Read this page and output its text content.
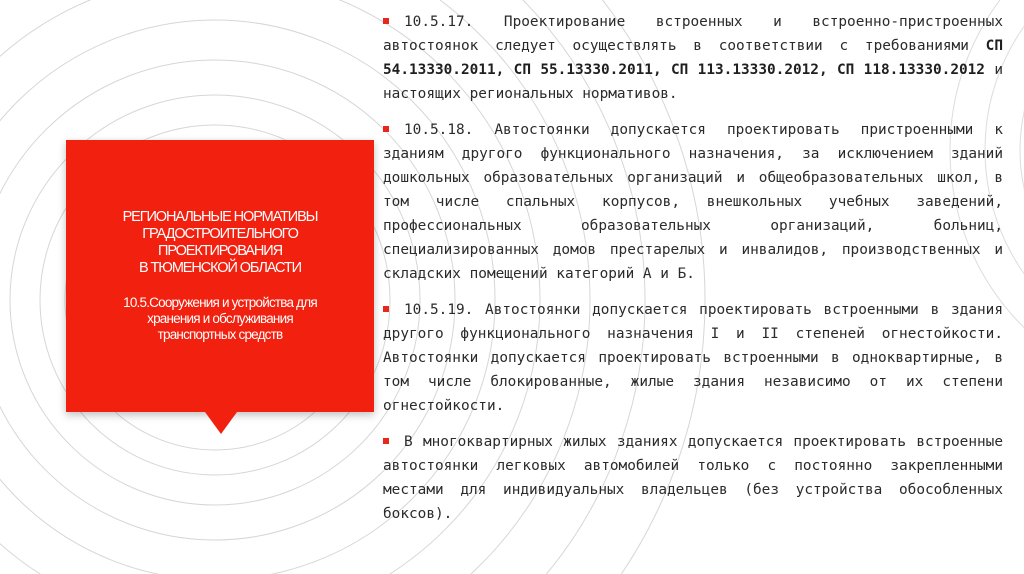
РЕГИОНАЛЬНЫЕ НОРМАТИВЫ
ГРАДОСТРОИТЕЛЬНОГО
ПРОЕКТИРОВАНИЯ
В ТЮМЕНСКОЙ ОБЛАСТИ
10.5.Сооружения и устройства для
хранения и обслуживания
транспортных средств
10.5.17. Проектирование встроенных и встроенно-пристроенных автостоянок следует осуществлять в соответствии с требованиями СП 54.13330.2011, СП 55.13330.2011, СП 113.13330.2012, СП 118.13330.2012 и настоящих региональных нормативов.
10.5.18. Автостоянки допускается проектировать пристроенными к зданиям другого функционального назначения, за исключением зданий дошкольных образовательных организаций и общеобразовательных школ, в том числе спальных корпусов, внешкольных учебных заведений, профессиональных образовательных организаций, больниц, специализированных домов престарелых и инвалидов, производственных и складских помещений категорий А и Б.
10.5.19. Автостоянки допускается проектировать встроенными в здания другого функционального назначения I и II степеней огнестойкости. Автостоянки допускается проектировать встроенными в одноквартирные, в том числе блокированные, жилые здания независимо от их степени огнестойкости.
В многоквартирных жилых зданиях допускается проектировать встроенные автостоянки легковых автомобилей только с постоянно закрепленными местами для индивидуальных владельцев (без устройства обособленных боксов).
